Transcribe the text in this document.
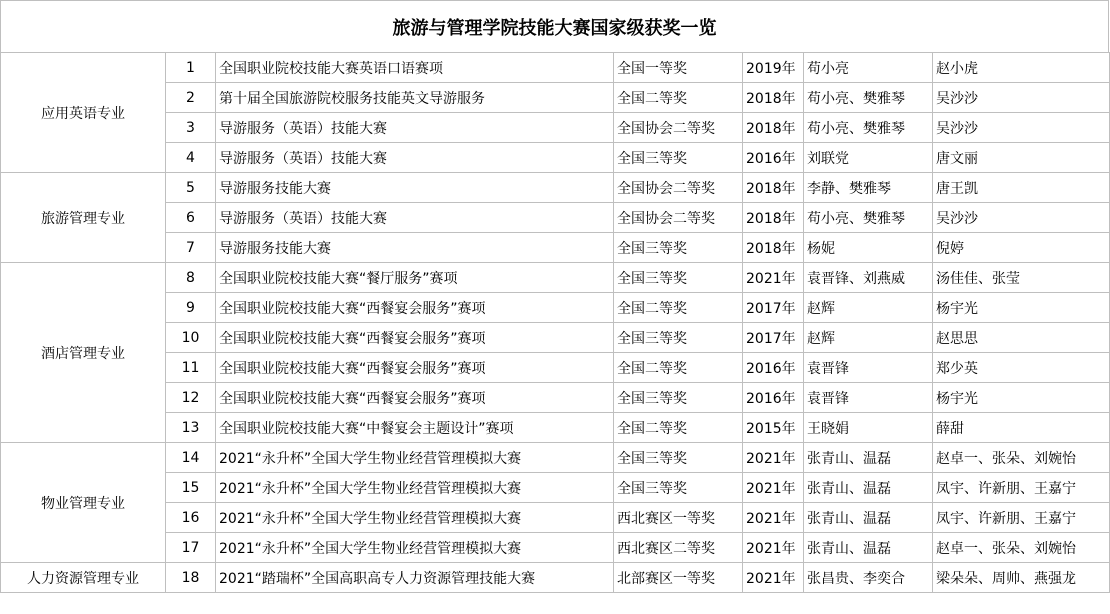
旅游与管理学院技能大赛国家级获奖一览
应用英语专业	1	全国职业院校技能大赛英语口语赛项	全国一等奖	2019年	苟小亮	赵小虎
	2	第十届全国旅游院校服务技能英文导游服务	全国二等奖	2018年	苟小亮、樊雅琴	吴沙沙
	3	导游服务（英语）技能大赛	全国协会二等奖	2018年	苟小亮、樊雅琴	吴沙沙
	4	导游服务（英语）技能大赛	全国三等奖	2016年	刘联党	唐文丽
旅游管理专业	5	导游服务技能大赛	全国协会二等奖	2018年	李静、樊雅琴	唐王凯
	6	导游服务（英语）技能大赛	全国协会二等奖	2018年	苟小亮、樊雅琴	吴沙沙
	7	导游服务技能大赛	全国三等奖	2018年	杨妮	倪婷
酒店管理专业	8	全国职业院校技能大赛“餐厅服务”赛项	全国三等奖	2021年	袁晋锋、刘燕威	汤佳佳、张莹
	9	全国职业院校技能大赛“西餐宴会服务”赛项	全国二等奖	2017年	赵辉	杨宇光
	10	全国职业院校技能大赛“西餐宴会服务”赛项	全国三等奖	2017年	赵辉	赵思思
	11	全国职业院校技能大赛“西餐宴会服务”赛项	全国二等奖	2016年	袁晋锋	郑少英
	12	全国职业院校技能大赛“西餐宴会服务”赛项	全国三等奖	2016年	袁晋锋	杨宇光
	13	全国职业院校技能大赛“中餐宴会主题设计”赛项	全国二等奖	2015年	王晓娟	薛甜
物业管理专业	14	2021“永升杯”全国大学生物业经营管理模拟大赛	全国三等奖	2021年	张青山、温磊	赵卓一、张朵、刘婉怡
	15	2021“永升杯”全国大学生物业经营管理模拟大赛	全国三等奖	2021年	张青山、温磊	凤宇、许新朋、王嘉宁
	16	2021“永升杯”全国大学生物业经营管理模拟大赛	西北赛区一等奖	2021年	张青山、温磊	凤宇、许新朋、王嘉宁
	17	2021“永升杯”全国大学生物业经营管理模拟大赛	西北赛区二等奖	2021年	张青山、温磊	赵卓一、张朵、刘婉怡
人力资源管理专业	18	2021“踏瑞杯”全国高职高专人力资源管理技能大赛	北部赛区一等奖	2021年	张昌贵、李奕合	梁朵朵、周帅、燕强龙
